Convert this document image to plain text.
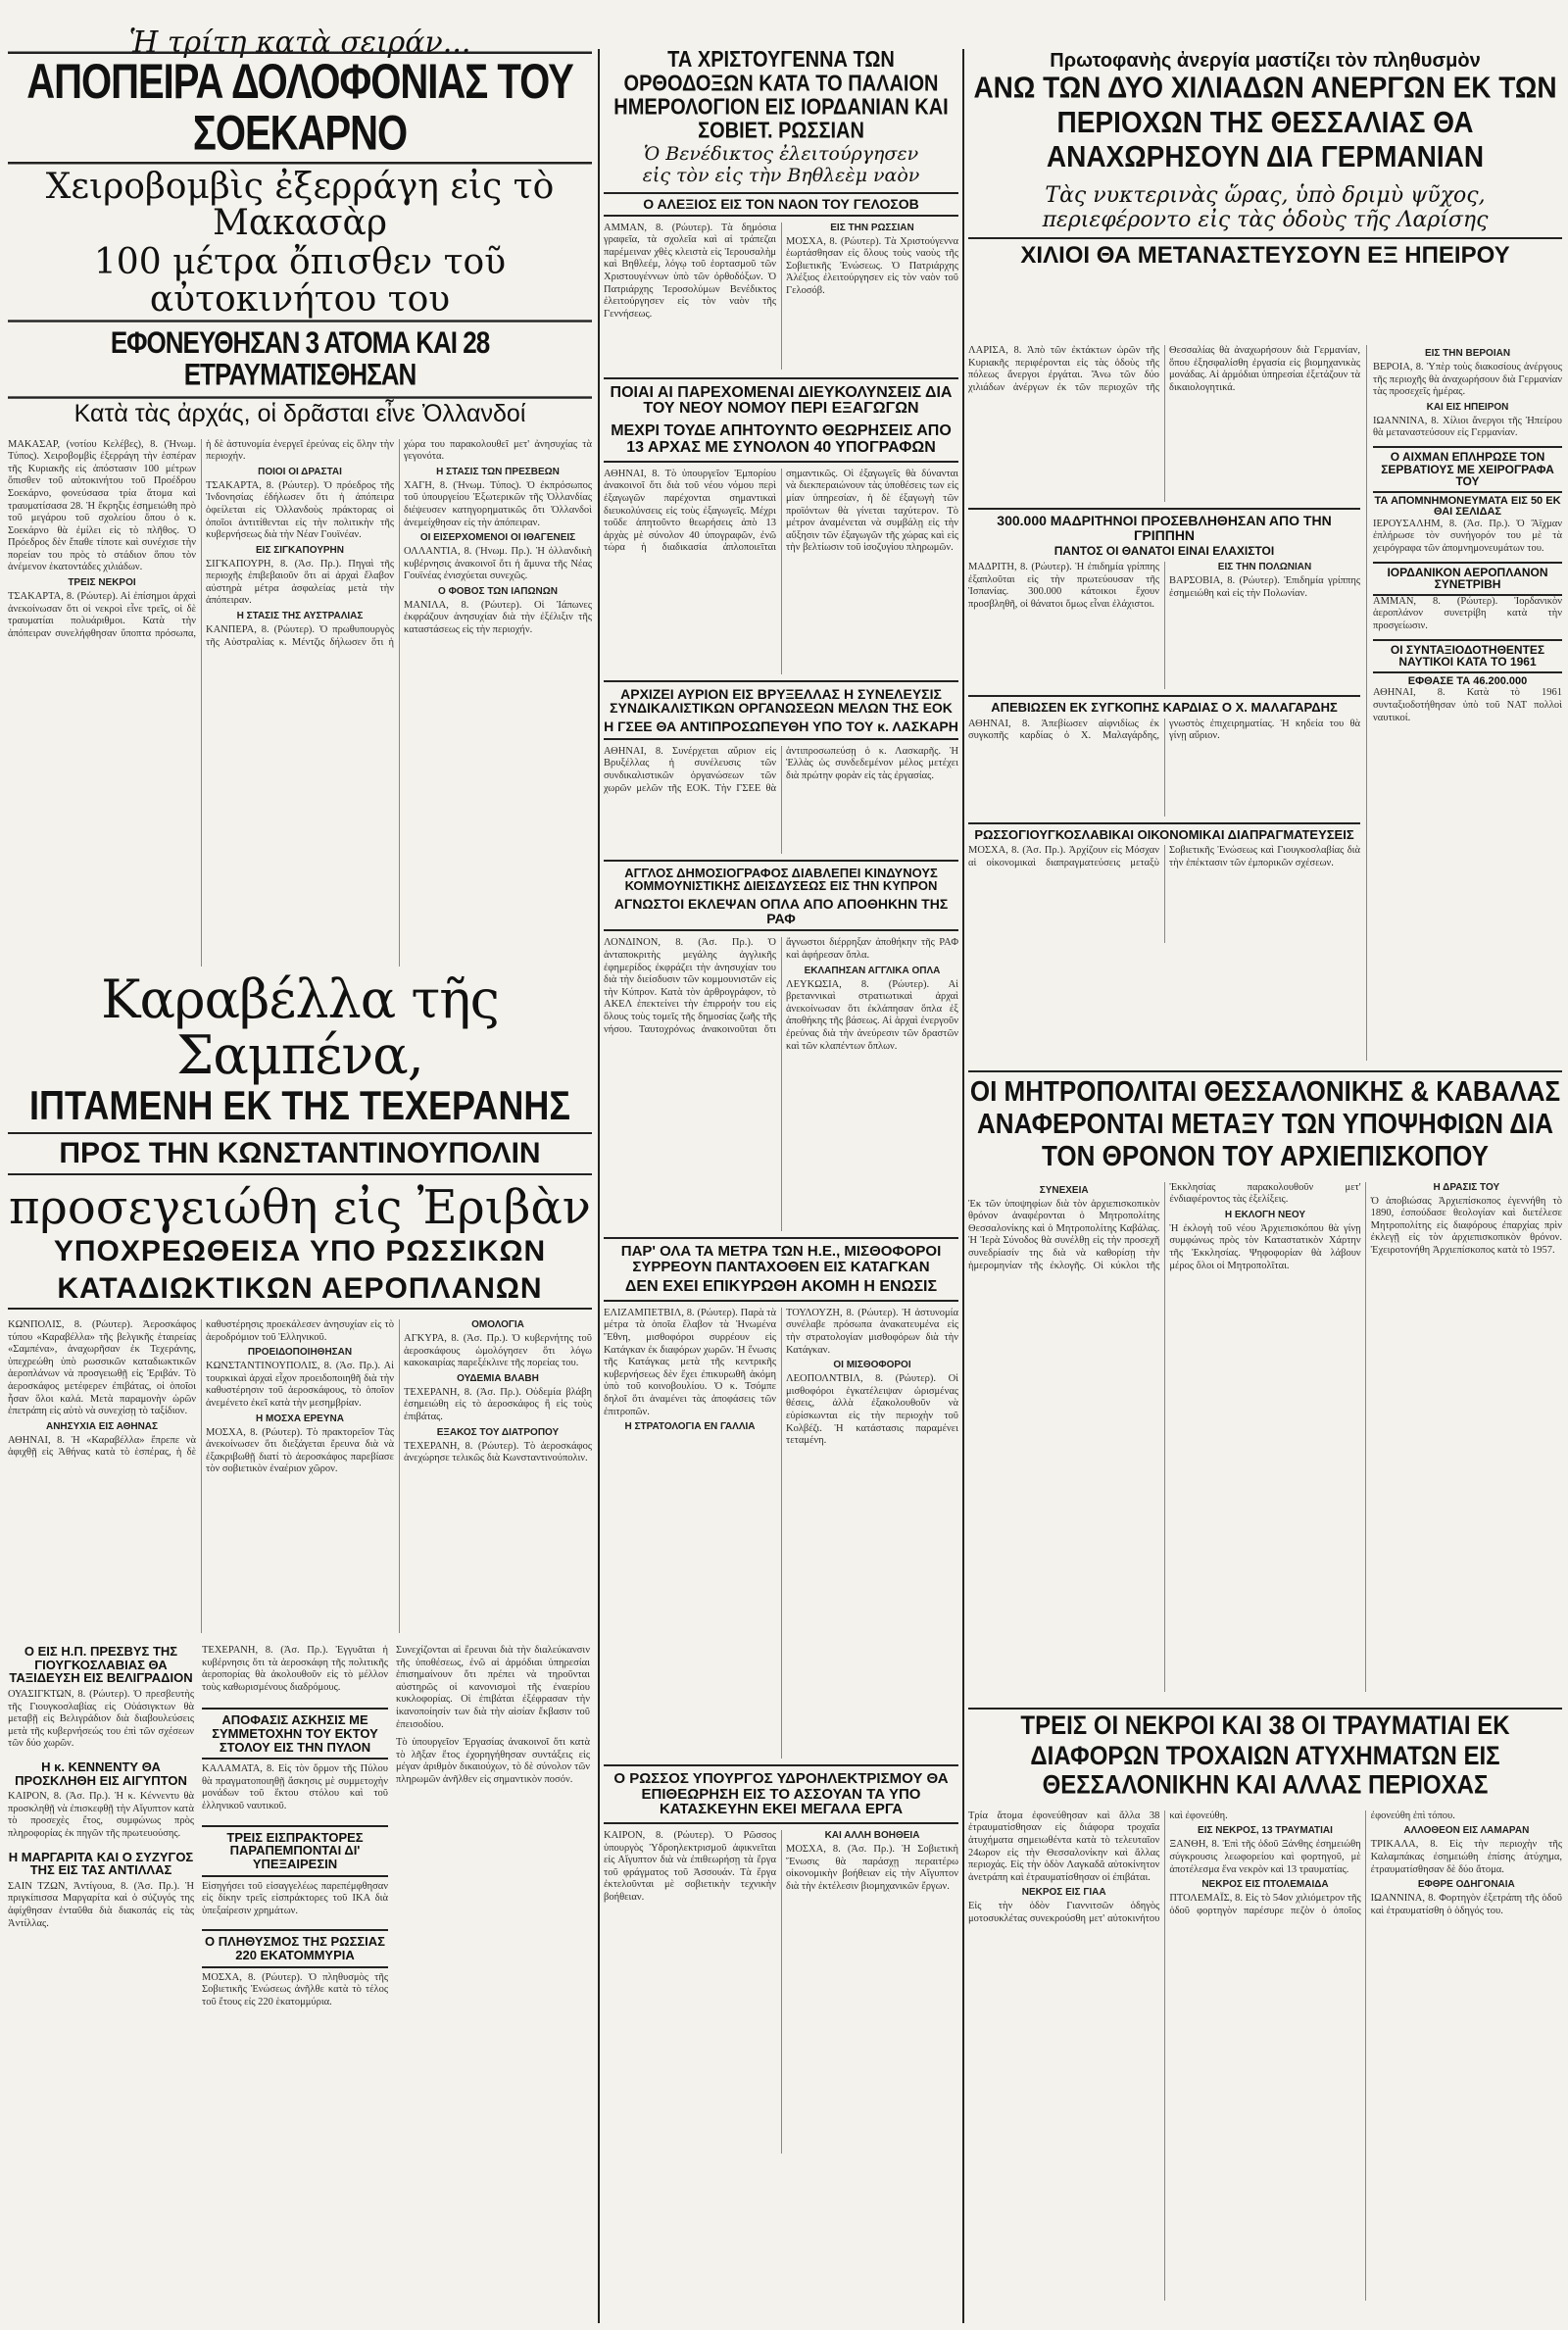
Ἡ τρίτη κατὰ σειράν...
ΑΠΟΠΕΙΡΑ ΔΟΛΟΦΟΝΙΑΣ ΤΟΥ ΣΟΕΚΑΡΝΟ
Χειροβομβὶς ἐξερράγη εἰς τὸ Μακασὰρ
100 μέτρα ὄπισθεν τοῦ αὐτοκινήτου του
ΕΦΟΝΕΥΘΗΣΑΝ 3 ΑΤΟΜΑ ΚΑΙ 28 ΕΤΡΑΥΜΑΤΙΣΘΗΣΑΝ
Κατὰ τὰς ἀρχάς, οἱ δρᾶσται εἶνε Ὀλλανδοί

ΜΑΚΑΣΑΡ, (νοτίου Κελέβες), 8. (Ἡνωμ. Τύπος). Χειροβομβὶς ἐξερράγη τὴν ἑσπέραν τῆς Κυριακῆς εἰς ἀπόστασιν 100 μέτρων ὄπισθεν τοῦ αὐτοκινήτου τοῦ Προέδρου Σοεκάρνο, φονεύσασα τρία ἄτομα καὶ τραυματίσασα 28. Ἡ ἔκρηξις ἐσημειώθη πρὸ τοῦ μεγάρου τοῦ σχολείου ὅπου ὁ κ. Σοεκάρνο θὰ ἐμίλει εἰς τὸ πλῆθος. Ὁ Πρόεδρος δὲν ἔπαθε τίποτε καὶ συνέχισε τὴν πορείαν του πρὸς τὸ στάδιον ὅπου τὸν ἀνέμενον ἑκατοντάδες χιλιάδων.

ΤΡΕΙΣ ΝΕΚΡΟΙ

ΤΣΑΚΑΡΤΑ, 8. (Ρώυτερ). Αἱ ἐπίσημοι ἀρχαὶ ἀνεκοίνωσαν ὅτι οἱ νεκροὶ εἶνε τρεῖς, οἱ δὲ τραυματίαι πολυάριθμοι. Κατὰ τὴν ἀπόπειραν συνελήφθησαν ὕποπτα πρόσωπα, ἡ δὲ ἀστυνομία ἐνεργεῖ ἐρεύνας εἰς ὅλην τὴν περιοχήν.

ΠΟΙΟΙ ΟΙ ΔΡΑΣΤΑΙ

ΤΣΑΚΑΡΤΑ, 8. (Ρώυτερ). Ὁ πρόεδρος τῆς Ἰνδονησίας ἐδήλωσεν ὅτι ἡ ἀπόπειρα ὀφείλεται εἰς Ὀλλανδοὺς πράκτορας οἱ ὁποῖοι ἀντιτίθενται εἰς τὴν πολιτικὴν τῆς κυβερνήσεως διὰ τὴν Νέαν Γουϊνέαν.

ΕΙΣ ΣΙΓΚΑΠΟΥΡΗΝ

ΣΙΓΚΑΠΟΥΡΗ, 8. (Ἀσ. Πρ.). Πηγαὶ τῆς περιοχῆς ἐπιβεβαιοῦν ὅτι αἱ ἀρχαὶ ἔλαβον αὐστηρὰ μέτρα ἀσφαλείας μετὰ τὴν ἀπόπειραν.

Η ΣΤΑΣΙΣ ΤΗΣ ΑΥΣΤΡΑΛΙΑΣ

ΚΑΝΠΕΡΑ, 8. (Ρώυτερ). Ὁ πρωθυπουργὸς τῆς Αὐστραλίας κ. Μέντζις δήλωσεν ὅτι ἡ χώρα του παρακολουθεῖ μετ' ἀνησυχίας τὰ γεγονότα.

Η ΣΤΑΣΙΣ ΤΩΝ ΠΡΕΣΒΕΩΝ

ΧΑΓΗ, 8. (Ἡνωμ. Τύπος). Ὁ ἐκπρόσωπος τοῦ ὑπουργείου Ἐξωτερικῶν τῆς Ὀλλανδίας διέψευσεν κατηγορηματικῶς ὅτι Ὀλλανδοὶ ἀνεμείχθησαν εἰς τὴν ἀπόπειραν.

ΟΙ ΕΙΣΕΡΧΟΜΕΝΟΙ ΟΙ ΙΘΑΓΕΝΕΙΣ

ΟΛΛΑΝΤΙΑ, 8. (Ἡνωμ. Πρ.). Ἡ ὀλλανδικὴ κυβέρνησις ἀνακοινοῖ ὅτι ἡ ἄμυνα τῆς Νέας Γουϊνέας ἐνισχύεται συνεχῶς.

Ο ΦΟΒΟΣ ΤΩΝ ΙΑΠΩΝΩΝ

ΜΑΝΙΛΑ, 8. (Ρώυτερ). Οἱ Ἰάπωνες ἐκφράζουν ἀνησυχίαν διὰ τὴν ἐξέλιξιν τῆς καταστάσεως εἰς τὴν περιοχήν.

Καραβέλλα τῆς Σαμπένα,
ΙΠΤΑΜΕΝΗ ΕΚ ΤΗΣ ΤΕΧΕΡΑΝΗΣ
ΠΡΟΣ ΤΗΝ ΚΩΝΣΤΑΝΤΙΝΟΥΠΟΛΙΝ
προσεγειώθη εἰς Ἐριβὰν
ΥΠΟΧΡΕΩΘΕΙΣΑ ΥΠΟ ΡΩΣΣΙΚΩΝ
ΚΑΤΑΔΙΩΚΤΙΚΩΝ ΑΕΡΟΠΛΑΝΩΝ

ΚΩΝΠΟΛΙΣ, 8. (Ρώυτερ). Ἀεροσκάφος τύπου «Καραβέλλα» τῆς βελγικῆς ἑταιρείας «Σαμπένα», ἀναχωρῆσαν ἐκ Τεχεράνης, ὑπεχρεώθη ὑπὸ ρωσσικῶν καταδιωκτικῶν ἀεροπλάνων νὰ προσγειωθῇ εἰς Ἐριβάν. Τὸ ἀεροσκάφος μετέφερεν ἐπιβάτας, οἱ ὁποῖοι ἦσαν ὅλοι καλά. Μετὰ παραμονὴν ὡρῶν ἐπετράπη εἰς αὐτὸ νὰ συνεχίσῃ τὸ ταξίδιον.

ΑΝΗΣΥΧΙΑ ΕΙΣ ΑΘΗΝΑΣ

ΑΘΗΝΑΙ, 8. Ἡ «Καραβέλλα» ἔπρεπε νὰ ἀφιχθῇ εἰς Ἀθήνας κατὰ τὸ ἑσπέρας, ἡ δὲ καθυστέρησις προεκάλεσεν ἀνησυχίαν εἰς τὸ ἀεροδρόμιον τοῦ Ἑλληνικοῦ.

ΠΡΟΕΙΔΟΠΟΙΗΘΗΣΑΝ

ΚΩΝΣΤΑΝΤΙΝΟΥΠΟΛΙΣ, 8. (Ἀσ. Πρ.). Αἱ τουρκικαὶ ἀρχαὶ εἶχον προειδοποιηθῆ διὰ τὴν καθυστέρησιν τοῦ ἀεροσκάφους, τὸ ὁποῖον ἀνεμένετο ἐκεῖ κατὰ τὴν μεσημβρίαν.

Η ΜΟΣΧΑ ΕΡΕΥΝΑ

ΜΟΣΧΑ, 8. (Ρώυτερ). Τὸ πρακτορεῖον Τὰς ἀνεκοίνωσεν ὅτι διεξάγεται ἔρευνα διὰ νὰ ἐξακριβωθῇ διατί τὸ ἀεροσκάφος παρεβίασε τὸν σοβιετικὸν ἐναέριον χῶρον.

ΟΜΟΛΟΓΙΑ

ΑΓΚΥΡΑ, 8. (Ἀσ. Πρ.). Ὁ κυβερνήτης τοῦ ἀεροσκάφους ὡμολόγησεν ὅτι λόγω κακοκαιρίας παρεξέκλινε τῆς πορείας του.

ΟΥΔΕΜΙΑ ΒΛΑΒΗ

ΤΕΧΕΡΑΝΗ, 8. (Ἀσ. Πρ.). Οὐδεμία βλάβη ἐσημειώθη εἰς τὸ ἀεροσκάφος ἢ εἰς τοὺς ἐπιβάτας.

ΕΞΑΚΟΣ ΤΟΥ ΔΙΑΤΡΟΠΟΥ

ΤΕΧΕΡΑΝΗ, 8. (Ρώυτερ). Τὸ ἀεροσκάφος ἀνεχώρησε τελικῶς διὰ Κωνσταντινούπολιν.

Ο ΕΙΣ Η.Π. ΠΡΕΣΒΥΣ ΤΗΣ ΓΙΟΥΓΚΟΣΛΑΒΙΑΣ ΘΑ ΤΑΞΙΔΕΥΣΗ ΕΙΣ ΒΕΛΙΓΡΑΔΙΟΝ

ΟΥΑΣΙΓΚΤΩΝ, 8. (Ρώυτερ). Ὁ πρεσβευτὴς τῆς Γιουγκοσλαβίας εἰς Οὐάσιγκτων θὰ μεταβῇ εἰς Βελιγράδιον διὰ διαβουλεύσεις μετὰ τῆς κυβερνήσεώς του ἐπὶ τῶν σχέσεων τῶν δύο χωρῶν.

Η κ. ΚΕΝΝΕΝΤΥ ΘΑ ΠΡΟΣΚΛΗΘΗ ΕΙΣ ΑΙΓΥΠΤΟΝ

ΚΑΙΡΟΝ, 8. (Ἀσ. Πρ.). Ἡ κ. Κέννεντυ θὰ προσκληθῇ νὰ ἐπισκεφθῇ τὴν Αἴγυπτον κατὰ τὸ προσεχὲς ἔτος, συμφώνως πρὸς πληροφορίας ἐκ πηγῶν τῆς πρωτευούσης.

Η ΜΑΡΓΑΡΙΤΑ ΚΑΙ Ο ΣΥΖΥΓΟΣ ΤΗΣ ΕΙΣ ΤΑΣ ΑΝΤΙΛΛΑΣ

ΣΑΙΝ ΤΖΩΝ, Ἀντίγουα, 8. (Ἀσ. Πρ.). Ἡ πριγκίπισσα Μαργαρίτα καὶ ὁ σύζυγός της ἀφίχθησαν ἐνταῦθα διὰ διακοπάς εἰς τὰς Ἀντίλλας.

ΤΕΧΕΡΑΝΗ, 8. (Ἀσ. Πρ.). Ἐγγυᾶται ἡ κυβέρνησις ὅτι τὰ ἀεροσκάφη τῆς πολιτικῆς ἀεροπορίας θὰ ἀκολουθοῦν εἰς τὸ μέλλον τοὺς καθωρισμένους διαδρόμους.

ΑΠΟΦΑΣΙΣ ΑΣΚΗΣΙΣ ΜΕ ΣΥΜΜΕΤΟΧΗΝ ΤΟΥ ΕΚΤΟΥ ΣΤΟΛΟΥ ΕΙΣ ΤΗΝ ΠΥΛΟΝ

ΚΑΛΑΜΑΤΑ, 8. Εἰς τὸν ὅρμον τῆς Πύλου θὰ πραγματοποιηθῇ ἄσκησις μὲ συμμετοχὴν μονάδων τοῦ ἕκτου στόλου καὶ τοῦ ἑλληνικοῦ ναυτικοῦ.

ΤΡΕΙΣ ΕΙΣΠΡΑΚΤΟΡΕΣ ΠΑΡΑΠΕΜΠΟΝΤΑΙ ΔΙ' ΥΠΕΞΑΙΡΕΣΙΝ

Εἰσηγήσει τοῦ εἰσαγγελέως παρεπέμφθησαν εἰς δίκην τρεῖς εἰσπράκτορες τοῦ ΙΚΑ διὰ ὑπεξαίρεσιν χρημάτων.

Ο ΠΛΗΘΥΣΜΟΣ ΤΗΣ ΡΩΣΣΙΑΣ 220 ΕΚΑΤΟΜΜΥΡΙΑ

ΜΟΣΧΑ, 8. (Ρώυτερ). Ὁ πληθυσμὸς τῆς Σοβιετικῆς Ἑνώσεως ἀνῆλθε κατὰ τὸ τέλος τοῦ ἔτους εἰς 220 ἑκατομμύρια.

Συνεχίζονται αἱ ἔρευναι διὰ τὴν διαλεύκανσιν τῆς ὑποθέσεως, ἐνῶ αἱ ἀρμόδιαι ὑπηρεσίαι ἐπισημαίνουν ὅτι πρέπει νὰ τηροῦνται αὐστηρῶς οἱ κανονισμοὶ τῆς ἐναερίου κυκλοφορίας. Οἱ ἐπιβάται ἐξέφρασαν τὴν ἱκανοποίησίν των διὰ τὴν αἰσίαν ἔκβασιν τοῦ ἐπεισοδίου.

Τὸ ὑπουργεῖον Ἐργασίας ἀνακοινοῖ ὅτι κατὰ τὸ λῆξαν ἔτος ἐχορηγήθησαν συντάξεις εἰς μέγαν ἀριθμὸν δικαιούχων, τὸ δὲ σύνολον τῶν πληρωμῶν ἀνῆλθεν εἰς σημαντικὸν ποσόν.

ΤΑ ΧΡΙΣΤΟΥΓΕΝΝΑ ΤΩΝ ΟΡΘΟΔΟΞΩΝ ΚΑΤΑ ΤΟ ΠΑΛΑΙΟΝ ΗΜΕΡΟΛΟΓΙΟΝ ΕΙΣ ΙΟΡΔΑΝΙΑΝ ΚΑΙ ΣΟΒΙΕΤ. ΡΩΣΣΙΑΝ
Ὁ Βενέδικτος ἐλειτούργησεν
εἰς τὸν εἰς τὴν Βηθλεὲμ ναὸν
Ο ΑΛΕΞΙΟΣ ΕΙΣ ΤΟΝ ΝΑΟΝ ΤΟΥ ΓΕΛΟΣΟΒ

ΑΜΜΑΝ, 8. (Ρώυτερ). Τὰ δημόσια γραφεῖα, τὰ σχολεῖα καὶ αἱ τράπεζαι παρέμειναν χθὲς κλειστὰ εἰς Ἱερουσαλὴμ καὶ Βηθλεέμ, λόγῳ τοῦ ἑορτασμοῦ τῶν Χριστουγέννων ὑπὸ τῶν ὀρθοδόξων. Ὁ Πατριάρχης Ἱεροσολύμων Βενέδικτος ἐλειτούργησεν εἰς τὸν ναὸν τῆς Γεννήσεως.

ΕΙΣ ΤΗΝ ΡΩΣΣΙΑΝ

ΜΟΣΧΑ, 8. (Ρώυτερ). Τὰ Χριστούγεννα ἑωρτάσθησαν εἰς ὅλους τοὺς ναοὺς τῆς Σοβιετικῆς Ἑνώσεως. Ὁ Πατριάρχης Ἀλέξιος ἐλειτούργησεν εἰς τὸν ναὸν τοῦ Γελοσόβ.

ΠΟΙΑΙ ΑΙ ΠΑΡΕΧΟΜΕΝΑΙ ΔΙΕΥΚΟΛΥΝΣΕΙΣ ΔΙΑ ΤΟΥ ΝΕΟΥ ΝΟΜΟΥ ΠΕΡΙ ΕΞΑΓΩΓΩΝ
ΜΕΧΡΙ ΤΟΥΔΕ ΑΠΗΤΟΥΝΤΟ ΘΕΩΡΗΣΕΙΣ ΑΠΟ 13 ΑΡΧΑΣ ΜΕ ΣΥΝΟΛΟΝ 40 ΥΠΟΓΡΑΦΩΝ

ΑΘΗΝΑΙ, 8. Τὸ ὑπουργεῖον Ἐμπορίου ἀνακοινοῖ ὅτι διὰ τοῦ νέου νόμου περὶ ἐξαγωγῶν παρέχονται σημαντικαὶ διευκολύνσεις εἰς τοὺς ἐξαγωγεῖς. Μέχρι τοῦδε ἀπητοῦντο θεωρήσεις ἀπὸ 13 ἀρχὰς μὲ σύνολον 40 ὑπογραφῶν, ἐνῶ τώρα ἡ διαδικασία ἁπλοποιεῖται σημαντικῶς. Οἱ ἐξαγωγεῖς θὰ δύνανται νὰ διεκπεραιώνουν τὰς ὑποθέσεις των εἰς μίαν ὑπηρεσίαν, ἡ δὲ ἐξαγωγὴ τῶν προϊόντων θὰ γίνεται ταχύτερον. Τὸ μέτρον ἀναμένεται νὰ συμβάλῃ εἰς τὴν αὔξησιν τῶν ἐξαγωγῶν τῆς χώρας καὶ εἰς τὴν βελτίωσιν τοῦ ἰσοζυγίου πληρωμῶν.

ΑΡΧΙΖΕΙ ΑΥΡΙΟΝ ΕΙΣ ΒΡΥΞΕΛΛΑΣ Η ΣΥΝΕΛΕΥΣΙΣ ΣΥΝΔΙΚΑΛΙΣΤΙΚΩΝ ΟΡΓΑΝΩΣΕΩΝ ΜΕΛΩΝ ΤΗΣ ΕΟΚ
Η ΓΣΕΕ ΘΑ ΑΝΤΙΠΡΟΣΩΠΕΥΘΗ ΥΠΟ ΤΟΥ κ. ΛΑΣΚΑΡΗ

ΑΘΗΝΑΙ, 8. Συνέρχεται αὔριον εἰς Βρυξέλλας ἡ συνέλευσις τῶν συνδικαλιστικῶν ὀργανώσεων τῶν χωρῶν μελῶν τῆς ΕΟΚ. Τὴν ΓΣΕΕ θὰ ἀντιπροσωπεύσῃ ὁ κ. Λασκαρῆς. Ἡ Ἑλλὰς ὡς συνδεδεμένον μέλος μετέχει διὰ πρώτην φορὰν εἰς τὰς ἐργασίας.

ΑΓΓΛΟΣ ΔΗΜΟΣΙΟΓΡΑΦΟΣ ΔΙΑΒΛΕΠΕΙ ΚΙΝΔΥΝΟΥΣ ΚΟΜΜΟΥΝΙΣΤΙΚΗΣ ΔΙΕΙΣΔΥΣΕΩΣ ΕΙΣ ΤΗΝ ΚΥΠΡΟΝ
ΑΓΝΩΣΤΟΙ ΕΚΛΕΨΑΝ ΟΠΛΑ ΑΠΟ ΑΠΟΘΗΚΗΝ ΤΗΣ ΡΑΦ

ΛΟΝΔΙΝΟΝ, 8. (Ἀσ. Πρ.). Ὁ ἀνταποκριτὴς μεγάλης ἀγγλικῆς ἐφημερίδος ἐκφράζει τὴν ἀνησυχίαν του διὰ τὴν διείσδυσιν τῶν κομμουνιστῶν εἰς τὴν Κύπρον. Κατὰ τὸν ἀρθρογράφον, τὸ ΑΚΕΛ ἐπεκτείνει τὴν ἐπιρροήν του εἰς ὅλους τοὺς τομεῖς τῆς δημοσίας ζωῆς τῆς νήσου. Ταυτοχρόνως ἀνακοινοῦται ὅτι ἄγνωστοι διέρρηξαν ἀποθήκην τῆς ΡΑΦ καὶ ἀφήρεσαν ὅπλα.

ΕΚΛΑΠΗΣΑΝ ΑΓΓΛΙΚΑ ΟΠΛΑ

ΛΕΥΚΩΣΙΑ, 8. (Ρώυτερ). Αἱ βρεταννικαὶ στρατιωτικαὶ ἀρχαὶ ἀνεκοίνωσαν ὅτι ἐκλάπησαν ὅπλα ἐξ ἀποθήκης τῆς βάσεως. Αἱ ἀρχαὶ ἐνεργοῦν ἐρεύνας διὰ τὴν ἀνεύρεσιν τῶν δραστῶν καὶ τῶν κλαπέντων ὅπλων.

ΠΑΡ' ΟΛΑ ΤΑ ΜΕΤΡΑ ΤΩΝ Η.Ε., ΜΙΣΘΟΦΟΡΟΙ ΣΥΡΡΕΟΥΝ ΠΑΝΤΑΧΟΘΕΝ ΕΙΣ ΚΑΤΑΓΚΑΝ
ΔΕΝ ΕΧΕΙ ΕΠΙΚΥΡΩΘΗ ΑΚΟΜΗ Η ΕΝΩΣΙΣ

ΕΛΙΖΑΜΠΕΤΒΙΛ, 8. (Ρώυτερ). Παρὰ τὰ μέτρα τὰ ὁποῖα ἔλαβον τὰ Ἡνωμένα Ἔθνη, μισθοφόροι συρρέουν εἰς Κατάγκαν ἐκ διαφόρων χωρῶν. Ἡ ἕνωσις τῆς Κατάγκας μετὰ τῆς κεντρικῆς κυβερνήσεως δὲν ἔχει ἐπικυρωθῆ ἀκόμη ὑπὸ τοῦ κοινοβουλίου. Ὁ κ. Τσόμπε δηλοῖ ὅτι ἀναμένει τὰς ἀποφάσεις τῶν ἐπιτροπῶν.

Η ΣΤΡΑΤΟΛΟΓΙΑ ΕΝ ΓΑΛΛΙΑ

ΤΟΥΛΟΥΖΗ, 8. (Ρώυτερ). Ἡ ἀστυνομία συνέλαβε πρόσωπα ἀνακατευμένα εἰς τὴν στρατολογίαν μισθοφόρων διὰ τὴν Κατάγκαν.

ΟΙ ΜΙΣΘΟΦΟΡΟΙ

ΛΕΟΠΟΛΝΤΒΙΛ, 8. (Ρώυτερ). Οἱ μισθοφόροι ἐγκατέλειψαν ὡρισμένας θέσεις, ἀλλὰ ἐξακολουθοῦν νὰ εὑρίσκωνται εἰς τὴν περιοχὴν τοῦ Κολβέζι. Ἡ κατάστασις παραμένει τεταμένη.

Ο ΡΩΣΣΟΣ ΥΠΟΥΡΓΟΣ ΥΔΡΟΗΛΕΚΤΡΙΣΜΟΥ ΘΑ ΕΠΙΘΕΩΡΗΣΗ ΕΙΣ ΤΟ ΑΣΣΟΥΑΝ ΤΑ ΥΠΟ ΚΑΤΑΣΚΕΥΗΝ ΕΚΕΙ ΜΕΓΑΛΑ ΕΡΓΑ

ΚΑΙΡΟΝ, 8. (Ρώυτερ). Ὁ Ρῶσσος ὑπουργὸς Ὑδροηλεκτρισμοῦ ἀφικνεῖται εἰς Αἴγυπτον διὰ νὰ ἐπιθεωρήσῃ τὰ ἔργα τοῦ φράγματος τοῦ Ἀσσουάν. Τὰ ἔργα ἐκτελοῦνται μὲ σοβιετικὴν τεχνικὴν βοήθειαν.

ΚΑΙ ΑΛΛΗ ΒΟΗΘΕΙΑ

ΜΟΣΧΑ, 8. (Ἀσ. Πρ.). Ἡ Σοβιετικὴ Ἕνωσις θὰ παράσχῃ περαιτέρω οἰκονομικὴν βοήθειαν εἰς τὴν Αἴγυπτον διὰ τὴν ἐκτέλεσιν βιομηχανικῶν ἔργων.

Πρωτοφανὴς ἀνεργία μαστίζει τὸν πληθυσμὸν
ΑΝΩ ΤΩΝ ΔΥΟ ΧΙΛΙΑΔΩΝ ΑΝΕΡΓΩΝ ΕΚ ΤΩΝ ΠΕΡΙΟΧΩΝ ΤΗΣ ΘΕΣΣΑΛΙΑΣ ΘΑ ΑΝΑΧΩΡΗΣΟΥΝ ΔΙΑ ΓΕΡΜΑΝΙΑΝ
Τὰς νυκτερινὰς ὥρας, ὑπὸ δριμὺ ψῦχος,
περιεφέροντο εἰς τὰς ὁδοὺς τῆς Λαρίσης
ΧΙΛΙΟΙ ΘΑ ΜΕΤΑΝΑΣΤΕΥΣΟΥΝ ΕΞ ΗΠΕΙΡΟΥ

ΛΑΡΙΣΑ, 8. Ἀπὸ τῶν ἐκτάκτων ὡρῶν τῆς Κυριακῆς περιφέρονται εἰς τὰς ὁδοὺς τῆς πόλεως ἄνεργοι ἐργάται. Ἄνω τῶν δύο χιλιάδων ἀνέργων ἐκ τῶν περιοχῶν τῆς Θεσσαλίας θὰ ἀναχωρήσουν διὰ Γερμανίαν, ὅπου ἐξησφαλίσθη ἐργασία εἰς βιομηχανικὰς μονάδας. Αἱ ἀρμόδιαι ὑπηρεσίαι ἐξετάζουν τὰ δικαιολογητικά.

300.000 ΜΑΔΡΙΤΗΝΟΙ ΠΡΟΣΕΒΛΗΘΗΣΑΝ ΑΠΟ ΤΗΝ ΓΡΙΠΠΗΝ
ΠΑΝΤΟΣ ΟΙ ΘΑΝΑΤΟΙ ΕΙΝΑΙ ΕΛΑΧΙΣΤΟΙ

ΜΑΔΡΙΤΗ, 8. (Ρώυτερ). Ἡ ἐπιδημία γρίππης ἐξαπλοῦται εἰς τὴν πρωτεύουσαν τῆς Ἱσπανίας. 300.000 κάτοικοι ἔχουν προσβληθῆ, οἱ θάνατοι ὅμως εἶναι ἐλάχιστοι.

ΕΙΣ ΤΗΝ ΠΟΛΩΝΙΑΝ

ΒΑΡΣΟΒΙΑ, 8. (Ρώυτερ). Ἐπιδημία γρίππης ἐσημειώθη καὶ εἰς τὴν Πολωνίαν.

ΑΠΕΒΙΩΣΕΝ ΕΚ ΣΥΓΚΟΠΗΣ ΚΑΡΔΙΑΣ Ο Χ. ΜΑΛΑΓΑΡΔΗΣ

ΑΘΗΝΑΙ, 8. Ἀπεβίωσεν αἰφνιδίως ἐκ συγκοπῆς καρδίας ὁ Χ. Μαλαγάρδης, γνωστὸς ἐπιχειρηματίας. Ἡ κηδεία του θὰ γίνῃ αὔριον.

ΡΩΣΣΟΓΙΟΥΓΚΟΣΛΑΒΙΚΑΙ ΟΙΚΟΝΟΜΙΚΑΙ ΔΙΑΠΡΑΓΜΑΤΕΥΣΕΙΣ

ΜΟΣΧΑ, 8. (Ἀσ. Πρ.). Ἀρχίζουν εἰς Μόσχαν αἱ οἰκονομικαὶ διαπραγματεύσεις μεταξὺ Σοβιετικῆς Ἑνώσεως καὶ Γιουγκοσλαβίας διὰ τὴν ἐπέκτασιν τῶν ἐμπορικῶν σχέσεων.

ΕΙΣ ΤΗΝ ΒΕΡΟΙΑΝ

ΒΕΡΟΙΑ, 8. Ὑπὲρ τοὺς διακοσίους ἀνέργους τῆς περιοχῆς θὰ ἀναχωρήσουν διὰ Γερμανίαν τὰς προσεχεῖς ἡμέρας.

ΚΑΙ ΕΙΣ ΗΠΕΙΡΟΝ

ΙΩΑΝΝΙΝΑ, 8. Χίλιοι ἄνεργοι τῆς Ἠπείρου θὰ μεταναστεύσουν εἰς Γερμανίαν.

Ο ΑΙΧΜΑΝ ΕΠΛΗΡΩΣΕ ΤΟΝ ΣΕΡΒΑΤΙΟΥΣ ΜΕ ΧΕΙΡΟΓΡΑΦΑ ΤΟΥ
ΤΑ ΑΠΟΜΝΗΜΟΝΕΥΜΑΤΑ ΕΙΣ 50 ΕΚ ΘΑΙ ΣΕΛΙΔΑΣ

ΙΕΡΟΥΣΑΛΗΜ, 8. (Ἀσ. Πρ.). Ὁ Ἄϊχμαν ἐπλήρωσε τὸν συνήγορόν του μὲ τὰ χειρόγραφα τῶν ἀπομνημονευμάτων του.

ΙΟΡΔΑΝΙΚΟΝ ΑΕΡΟΠΛΑΝΟΝ ΣΥΝΕΤΡΙΒΗ

ΑΜΜΑΝ, 8. (Ρώυτερ). Ἰορδανικὸν ἀεροπλάνον συνετρίβη κατὰ τὴν προσγείωσιν.

ΟΙ ΣΥΝΤΑΞΙΟΔΟΤΗΘΕΝΤΕΣ ΝΑΥΤΙΚΟΙ ΚΑΤΑ ΤΟ 1961
ΕΦΘΑΣΕ ΤΑ 46.200.000

ΑΘΗΝΑΙ, 8. Κατὰ τὸ 1961 συνταξιοδοτήθησαν ὑπὸ τοῦ ΝΑΤ πολλοὶ ναυτικοί.

ΟΙ ΜΗΤΡΟΠΟΛΙΤΑΙ ΘΕΣΣΑΛΟΝΙΚΗΣ & ΚΑΒΑΛΑΣ ΑΝΑΦΕΡΟΝΤΑΙ ΜΕΤΑΞΥ ΤΩΝ ΥΠΟΨΗΦΙΩΝ ΔΙΑ ΤΟΝ ΘΡΟΝΟΝ ΤΟΥ ΑΡΧΙΕΠΙΣΚΟΠΟΥ
ΣΥΝΕΧΕΙΑ

Ἐκ τῶν ὑποψηφίων διὰ τὸν ἀρχιεπισκοπικὸν θρόνον ἀναφέρονται ὁ Μητροπολίτης Θεσσαλονίκης καὶ ὁ Μητροπολίτης Καβάλας. Ἡ Ἱερὰ Σύνοδος θὰ συνέλθῃ εἰς τὴν προσεχῆ συνεδρίασίν της διὰ νὰ καθορίσῃ τὴν ἡμερομηνίαν τῆς ἐκλογῆς. Οἱ κύκλοι τῆς Ἐκκλησίας παρακολουθοῦν μετ' ἐνδιαφέροντος τὰς ἐξελίξεις.

Η ΕΚΛΟΓΗ ΝΕΟΥ

Ἡ ἐκλογὴ τοῦ νέου Ἀρχιεπισκόπου θὰ γίνῃ συμφώνως πρὸς τὸν Καταστατικὸν Χάρτην τῆς Ἐκκλησίας. Ψηφοφορίαν θὰ λάβουν μέρος ὅλοι οἱ Μητροπολῖται.

Η ΔΡΑΣΙΣ ΤΟΥ

Ὁ ἀποβιώσας Ἀρχιεπίσκοπος ἐγεννήθη τὸ 1890, ἐσπούδασε θεολογίαν καὶ διετέλεσε Μητροπολίτης εἰς διαφόρους ἐπαρχίας πρὶν ἐκλεγῇ εἰς τὸν ἀρχιεπισκοπικὸν θρόνον. Ἐχειροτονήθη Ἀρχιεπίσκοπος κατὰ τὸ 1957.

ΤΡΕΙΣ ΟΙ ΝΕΚΡΟΙ ΚΑΙ 38 ΟΙ ΤΡΑΥΜΑΤΙΑΙ ΕΚ ΔΙΑΦΟΡΩΝ ΤΡΟΧΑΙΩΝ ΑΤΥΧΗΜΑΤΩΝ ΕΙΣ ΘΕΣΣΑΛΟΝΙΚΗΝ ΚΑΙ ΑΛΛΑΣ ΠΕΡΙΟΧΑΣ

Τρία ἄτομα ἐφονεύθησαν καὶ ἄλλα 38 ἐτραυματίσθησαν εἰς διάφορα τροχαῖα ἀτυχήματα σημειωθέντα κατὰ τὸ τελευταῖον 24ωρον εἰς τὴν Θεσσαλονίκην καὶ ἄλλας περιοχάς. Εἰς τὴν ὁδὸν Λαγκαδᾶ αὐτοκίνητον ἀνετράπη καὶ ἐτραυματίσθησαν οἱ ἐπιβάται.

ΝΕΚΡΟΣ ΕΙΣ ΓΙΑΑ

Εἰς τὴν ὁδὸν Γιαννιτσῶν ὁδηγὸς μοτοσυκλέτας συνεκρούσθη μετ' αὐτοκινήτου καὶ ἐφονεύθη.

ΕΙΣ ΝΕΚΡΟΣ, 13 ΤΡΑΥΜΑΤΙΑΙ

ΞΑΝΘΗ, 8. Ἐπὶ τῆς ὁδοῦ Ξάνθης ἐσημειώθη σύγκρουσις λεωφορείου καὶ φορτηγοῦ, μὲ ἀποτέλεσμα ἕνα νεκρὸν καὶ 13 τραυματίας.

ΝΕΚΡΟΣ ΕΙΣ ΠΤΟΛΕΜΑΙΔΑ

ΠΤΟΛΕΜΑΪΣ, 8. Εἰς τὸ 54ον χιλιόμετρον τῆς ὁδοῦ φορτηγὸν παρέσυρε πεζὸν ὁ ὁποῖος ἐφονεύθη ἐπὶ τόπου.

ΑΛΛΟΘΕΟΝ ΕΙΣ ΛΑΜΑΡΑΝ

ΤΡΙΚΑΛΑ, 8. Εἰς τὴν περιοχὴν τῆς Καλαμπάκας ἐσημειώθη ἐπίσης ἀτύχημα, ἐτραυματίσθησαν δὲ δύο ἄτομα.

ΕΦΘΡΕ ΟΔΗΓΟΝΑΙΑ

ΙΩΑΝΝΙΝΑ, 8. Φορτηγὸν ἐξετράπη τῆς ὁδοῦ καὶ ἐτραυματίσθη ὁ ὁδηγός του.
